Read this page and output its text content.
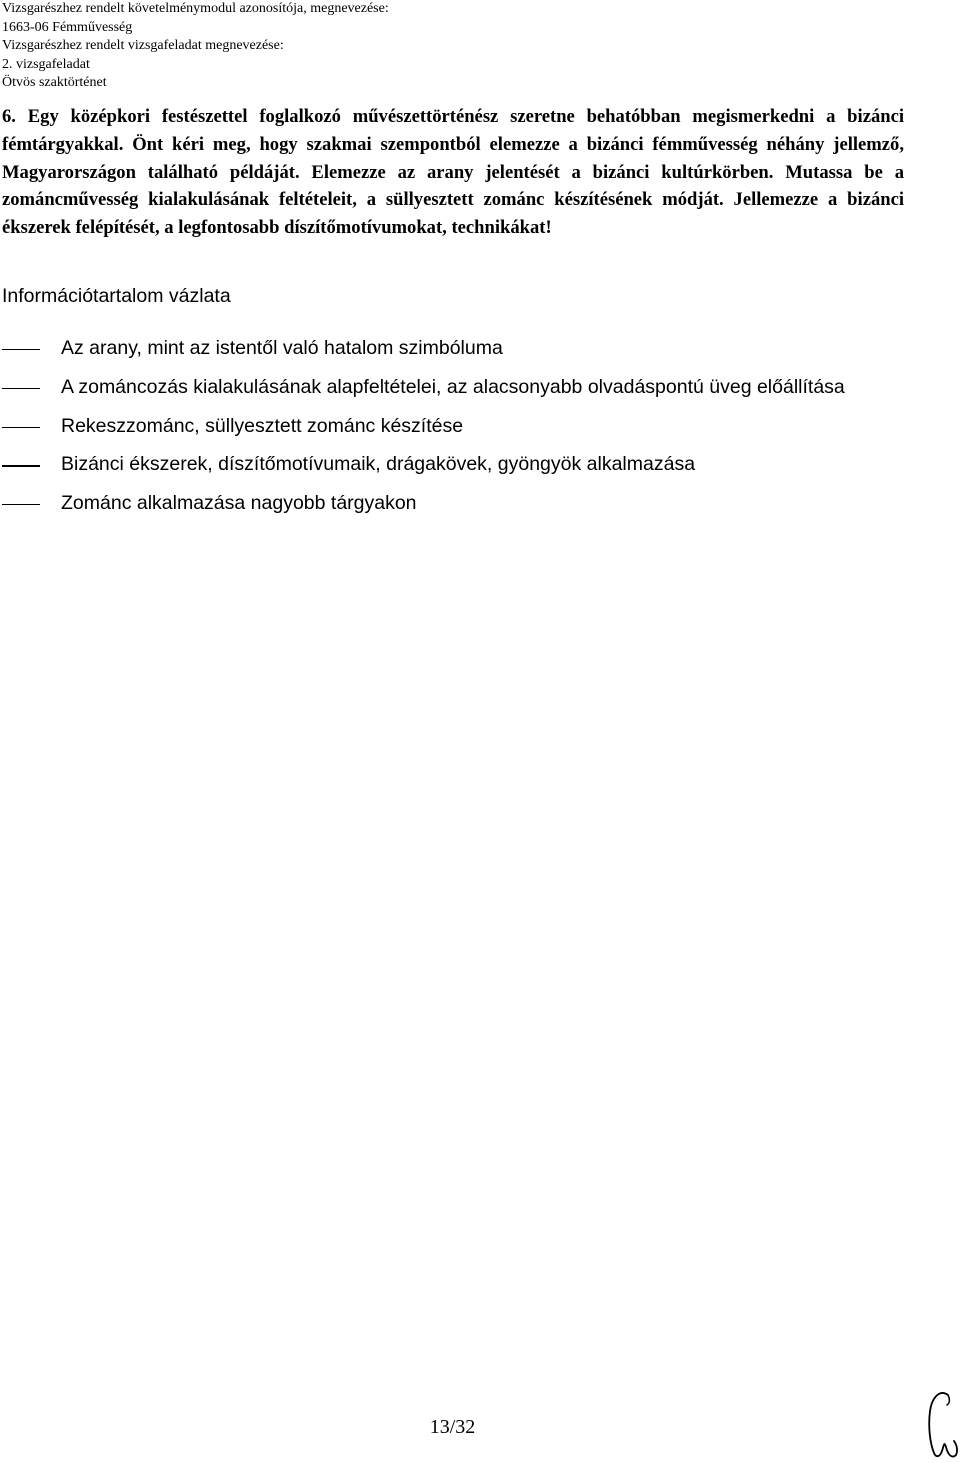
Vizsgarészhez rendelt követelménymodul azonosítója, megnevezése:
1663-06 Fémművesség
Vizsgarészhez rendelt vizsgafeladat megnevezése:
2. vizsgafeladat
Ötvös szaktörténet
6. Egy középkori festészettel foglalkozó művészettörténész szeretne behatóbban megismerkedni a bizánci fémtárgyakkal. Önt kéri meg, hogy szakmai szempontból elemezze a bizánci fémművesség néhány jellemző, Magyarországon található példáját. Elemezze az arany jelentését a bizánci kultúrkörben. Mutassa be a zománcművesség kialakulásának feltételeit, a süllyesztett zománc készítésének módját. Jellemezze a bizánci ékszerek felépítését, a legfontosabb díszítőmotívumokat, technikákat!
Információtartalom vázlata
Az arany, mint az istentől való hatalom szimbóluma
A zománcozás kialakulásának alapfeltételei, az alacsonyabb olvadáspontú üveg előállítása
Rekeszzománc, süllyesztett zománc készítése
Bizánci ékszerek, díszítőmotívumaik, drágakövek, gyöngyök alkalmazása
Zománc alkalmazása nagyobb tárgyakon
13/32
